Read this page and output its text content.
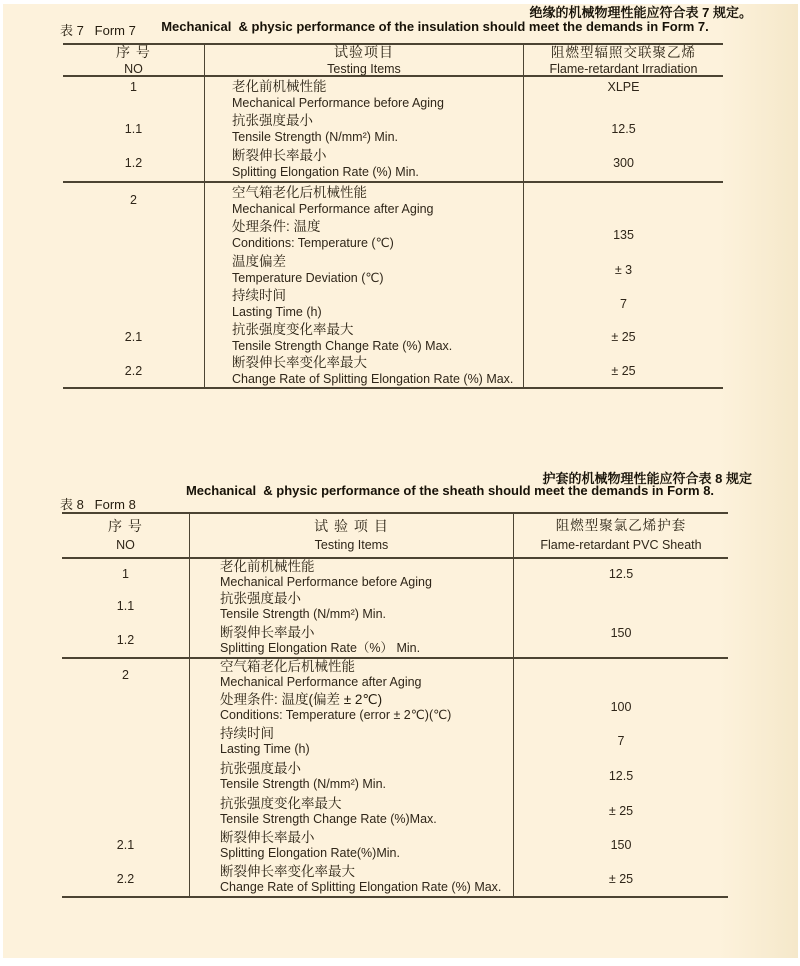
绝缘的机械物理性能应符合表 7 规定。
表 7   Form 7	Mechanical  & physic performance of the insulation should meet the demands in Form 7.
序 号
NO
试验项目
Testing Items
阻燃型辐照交联聚乙烯
Flame-retardant Irradiation
1	老化前机械性能
Mechanical Performance before Aging
XLPE
1.1
抗张强度最小
Tensile Strength (N/mm²) Min.
12.5
1.2
断裂伸长率最小
Splitting Elongation Rate (%) Min.
300
2
空气箱老化后机械性能
Mechanical Performance after Aging
处理条件: 温度
Conditions: Temperature (℃)
135
温度偏差
Temperature Deviation (℃)
± 3
持续时间
Lasting Time (h)
7
2.1
抗张强度变化率最大
Tensile Strength Change Rate (%) Max.
± 25
2.2
断裂伸长率变化率最大
Change Rate of Splitting Elongation Rate (%) Max.
± 25
护套的机械物理性能应符合表 8 规定
Mechanical  & physic performance of the sheath should meet the demands in Form 8.
表 8   Form 8
序 号
NO
试 验 项 目
Testing Items
阻燃型聚氯乙烯护套
Flame-retardant PVC Sheath
1
老化前机械性能
Mechanical Performance before Aging
12.5
1.1
抗张强度最小
Tensile Strength (N/mm²) Min.
1.2
断裂伸长率最小
Splitting Elongation Rate（%） Min.
150
2
空气箱老化后机械性能
Mechanical Performance after Aging
处理条件: 温度(偏差 ± 2℃)
Conditions: Temperature (error ± 2℃)(℃)
100
持续时间
Lasting Time (h)
7
抗张强度最小
Tensile Strength (N/mm²) Min.
12.5
抗张强度变化率最大
Tensile Strength Change Rate (%)Max.
± 25
2.1
断裂伸长率最小
Splitting Elongation Rate(%)Min.
150
2.2
断裂伸长率变化率最大
Change Rate of Splitting Elongation Rate (%) Max.
± 25
